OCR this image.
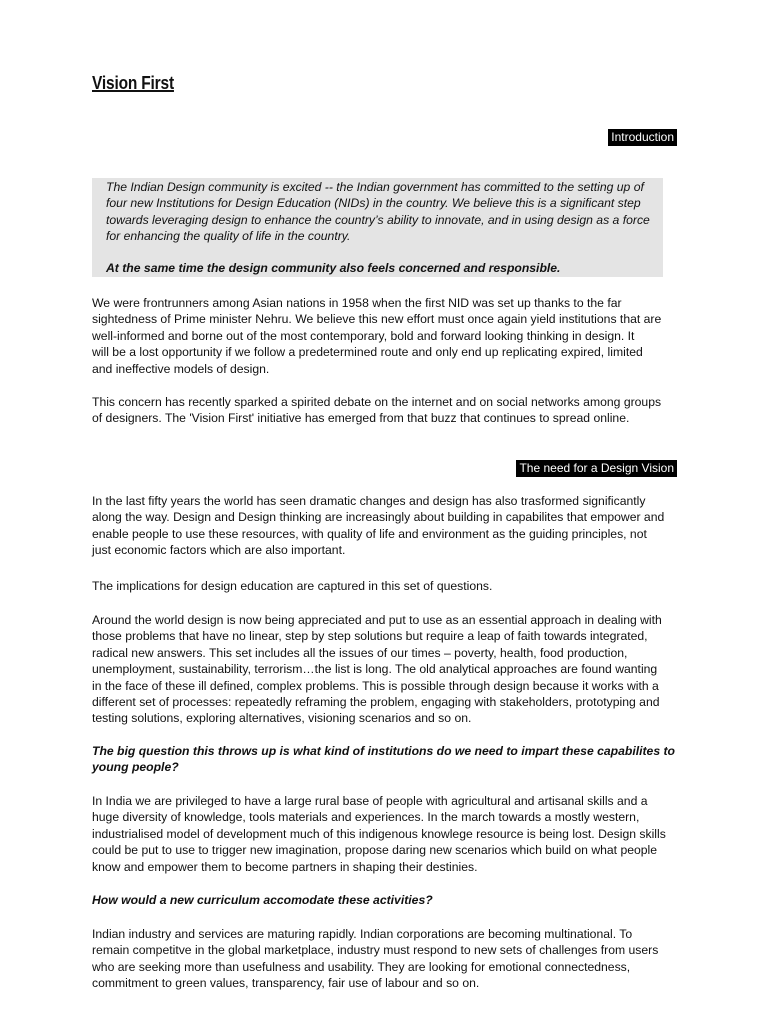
Vision First
Introduction

The Indian Design community is excited -- the Indian government has committed to the setting up of
four new Institutions for Design Education (NIDs) in the country. We believe this is a significant step
towards leveraging design to enhance the country’s ability to innovate, and in using design as a force
for enhancing the quality of life in the country.

At the same time the design community also feels concerned and responsible.

We were frontrunners among Asian nations in 1958 when the first NID was set up thanks to the far
sightedness of Prime minister Nehru. We believe this new effort must once again yield institutions that are
well-informed and borne out of the most contemporary, bold and forward looking thinking in design. It
will be a lost opportunity if we follow a predetermined route and only end up replicating expired, limited
and ineffective models of design.

This concern has recently sparked a spirited debate on the internet and on social networks among groups
of designers. The 'Vision First' initiative has emerged from that buzz that continues to spread online.

The need for a Design Vision

In the last fifty years the world has seen dramatic changes and design has also trasformed significantly
along the way. Design and Design thinking are increasingly about building in capabilites that empower and
enable people to use these resources, with quality of life and environment as the guiding principles, not
just economic factors which are also important.

The implications for design education are captured in this set of questions.

Around the world design is now being appreciated and put to use as an essential approach in dealing with
those problems that have no linear, step by step solutions but require a leap of faith towards integrated,
radical new answers. This set includes all the issues of our times – poverty, health, food production,
unemployment, sustainability, terrorism…the list is long. The old analytical approaches are found wanting
in the face of these ill defined, complex problems. This is possible through design because it works with a
different set of processes: repeatedly reframing the problem, engaging with stakeholders, prototyping and
testing solutions, exploring alternatives, visioning scenarios and so on.

The big question this throws up is what kind of institutions do we need to impart these capabilites to
young people?

In India we are privileged to have a large rural base of people with agricultural and artisanal skills and a
huge diversity of knowledge, tools materials and experiences. In the march towards a mostly western,
industrialised model of development much of this indigenous knowlege resource is being lost. Design skills
could be put to use to trigger new imagination, propose daring new scenarios which build on what people
know and empower them to become partners in shaping their destinies.

How would a new curriculum accomodate these activities?

Indian industry and services are maturing rapidly. Indian corporations are becoming multinational. To
remain competitve in the global marketplace, industry must respond to new sets of challenges from users
who are seeking more than usefulness and usability. They are looking for emotional connectedness,
commitment to green values, transparency, fair use of labour and so on.
